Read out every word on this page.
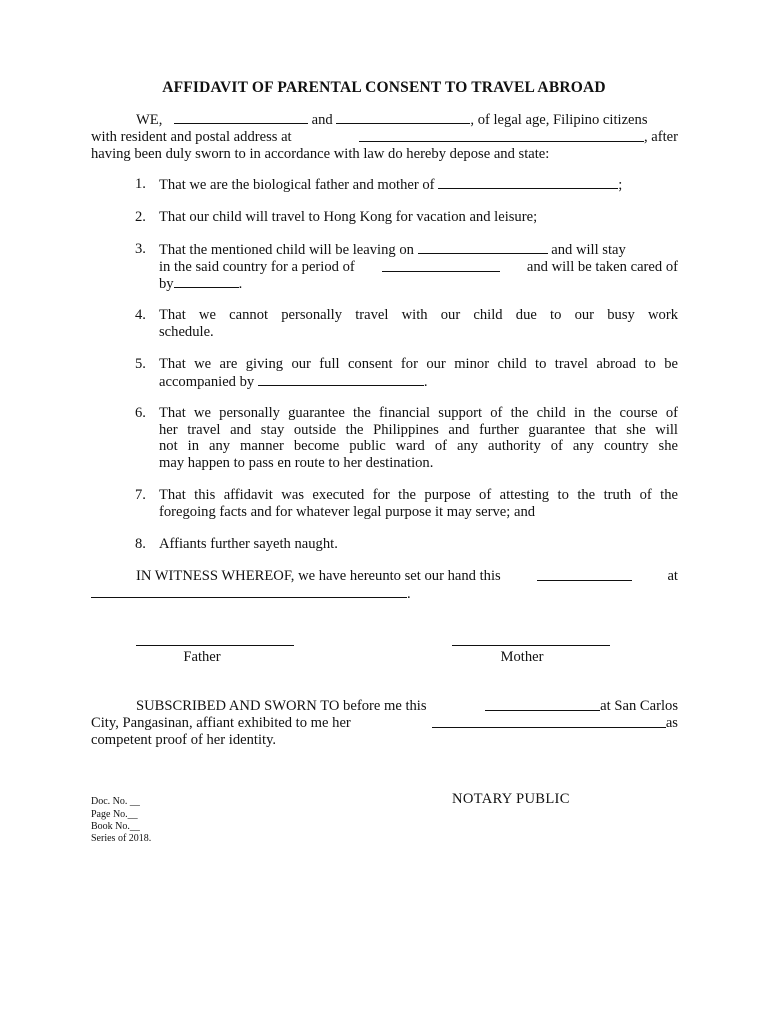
AFFIDAVIT OF PARENTAL CONSENT TO TRAVEL ABROAD
WE,	and	, of legal age, Filipino citizens
with resident and postal address at	, after
having been duly sworn to in accordance with law do hereby depose and state:
1. That we are the biological father and mother of	;
2. That our child will travel to Hong Kong for vacation and leisure;
3. That the mentioned child will be leaving on	and will stay
in the said country for a period of	and will be taken cared of
by	.
4. That we cannot personally travel with our child due to our busy work
schedule.
5. That we are giving our full consent for our minor child to travel abroad to be
accompanied by	.
6. That we personally guarantee the financial support of the child in the course of
her travel and stay outside the Philippines and further guarantee that she will
not in any manner become public ward of any authority of any country she
may happen to pass en route to her destination.
7. That this affidavit was executed for the purpose of attesting to the truth of the
foregoing facts and for whatever legal purpose it may serve; and
8. Affiants further sayeth naught.
IN WITNESS WHEREOF, we have hereunto set our hand this	at
.
Father	Mother
SUBSCRIBED AND SWORN TO before me this	at San Carlos
City, Pangasinan, affiant exhibited to me her	as
competent proof of her identity.
NOTARY PUBLIC
Doc. No. __
Page No.__
Book No.__
Series of 2018.
